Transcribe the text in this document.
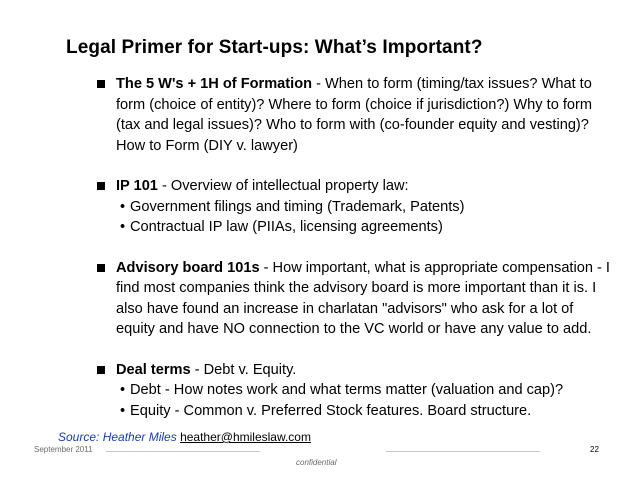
Legal Primer for Start-ups: What’s Important?
The 5 W's + 1H of Formation - When to form (timing/tax issues? What to form (choice of entity)? Where to form (choice if jurisdiction?) Why to form (tax and legal issues)? Who to form with (co-founder equity and vesting)? How to Form (DIY v. lawyer)
IP 101 - Overview of intellectual property law:
• Government filings and timing (Trademark, Patents)
• Contractual IP law (PIIAs, licensing agreements)
Advisory board 101s - How important, what is appropriate compensation - I find most companies think the advisory board is more important than it is. I also have found an increase in charlatan "advisors" who ask for a lot of equity and have NO connection to the VC world or have any value to add.
Deal terms - Debt v. Equity.
• Debt - How notes work and what terms matter (valuation and cap)?
• Equity - Common v. Preferred Stock features. Board structure.
Source: Heather Miles heather@hmileslaw.com
September 2011
confidential
22
